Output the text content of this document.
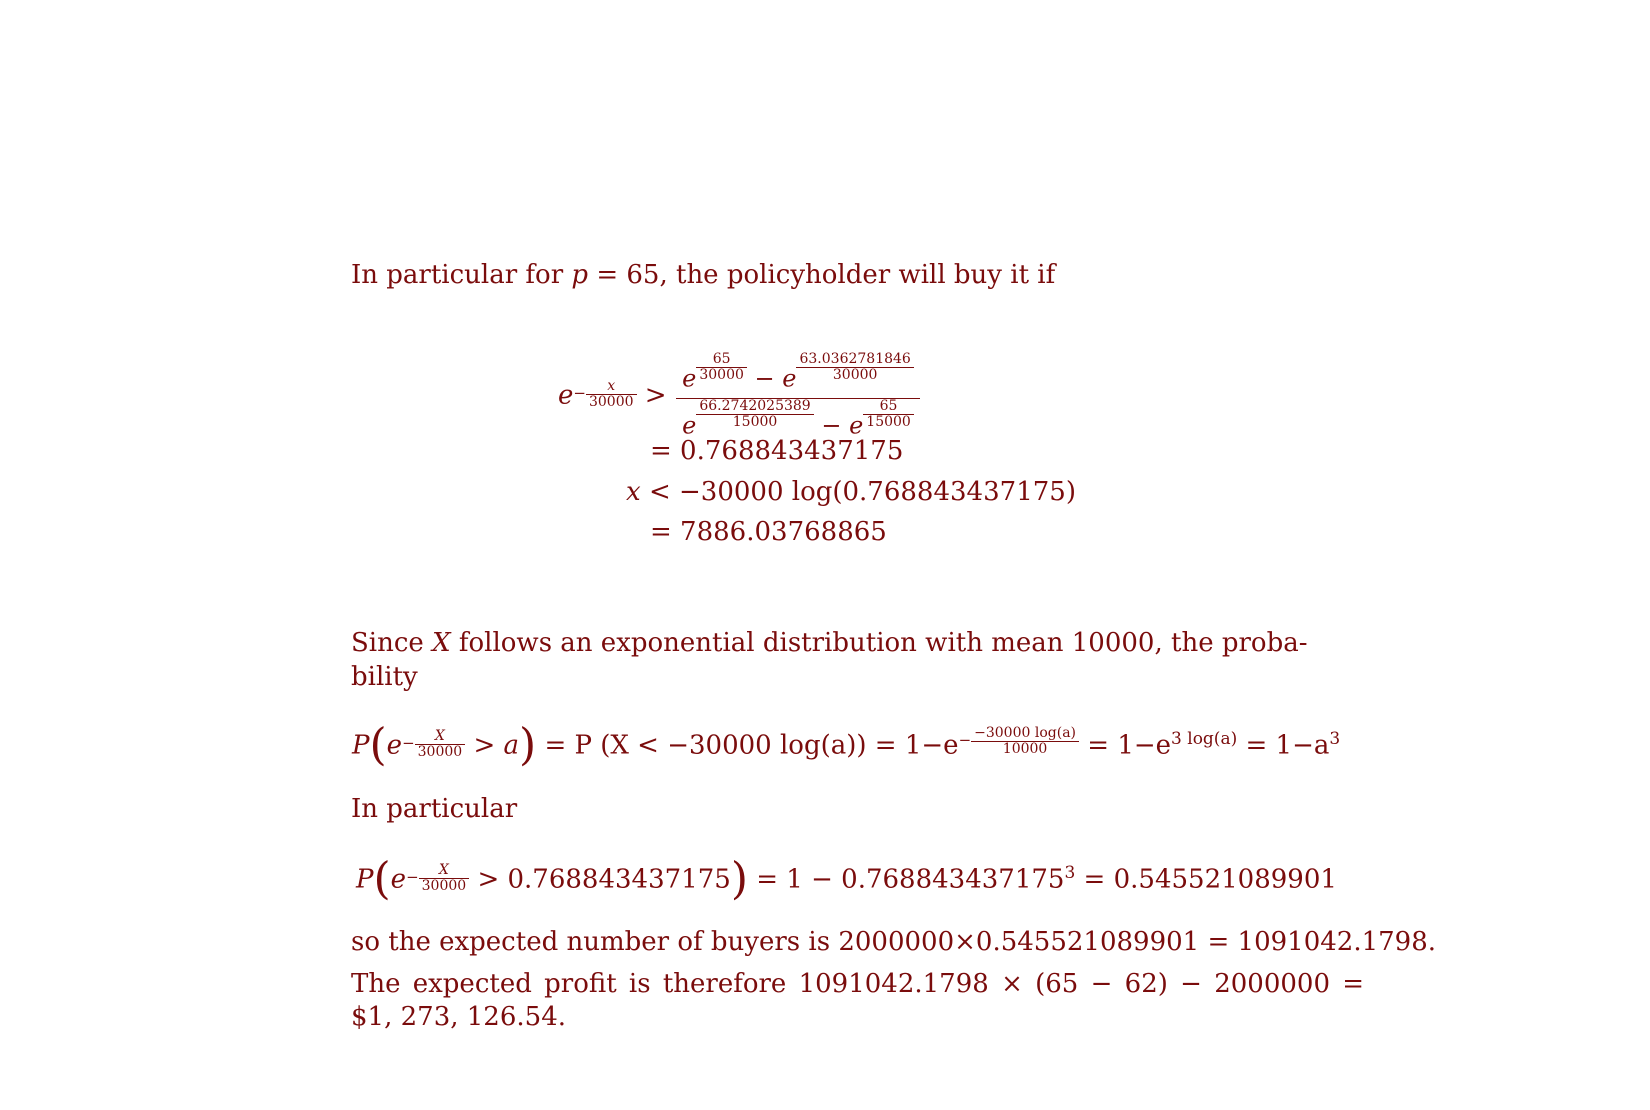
In particular for p = 65, the policyholder will buy it if
$e- \frac{x}{30000} > \frac{e \frac{65}{30000} - e \frac{63.0362781846}{30000}}{e \frac{66.2742025389}{15000} - e \frac{65}{15000}}$
= 0.768843437175
x < −30000 log(0.768843437175)
= 7886.03768865
Since X follows an exponential distribution with mean 10000, the proba-
bility
$P(e- \frac{X}{30000} > a) = P$ (X < −30000 $\log(a)) = 1-e- \frac{-30000 \log(a)}{10000} = 1-e^{3 log(a)} = 1-a^3$
In particular
$P(e- \frac{X}{30000} > 0.768843437175) = 1 - 0.768843437175^3 = 0.545521089901$
so the expected number of buyers is 2000000×0.545521089901 = 1091042.1798.
The expected profit is therefore 1091042.1798 × (65 − 62) − 2000000 =
$1, 273, 126.54.
